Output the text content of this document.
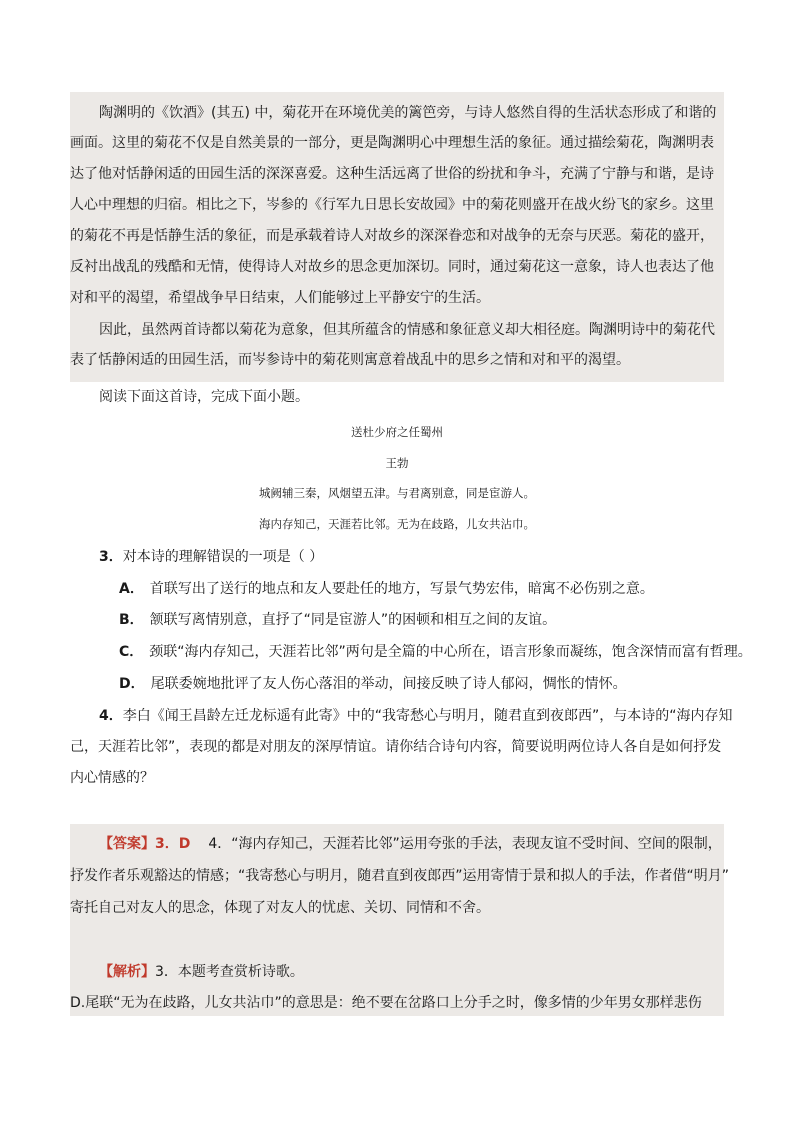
陶渊明的《饮酒》(其五) 中，菊花开在环境优美的篱笆旁，与诗人悠然自得的生活状态形成了和谐的
画面。这里的菊花不仅是自然美景的一部分，更是陶渊明心中理想生活的象征。通过描绘菊花，陶渊明表
达了他对恬静闲适的田园生活的深深喜爱。这种生活远离了世俗的纷扰和争斗，充满了宁静与和谐，是诗
人心中理想的归宿。相比之下，岑参的《行军九日思长安故园》中的菊花则盛开在战火纷飞的家乡。这里
的菊花不再是恬静生活的象征，而是承载着诗人对故乡的深深眷恋和对战争的无奈与厌恶。菊花的盛开，
反衬出战乱的残酷和无情，使得诗人对故乡的思念更加深切。同时，通过菊花这一意象，诗人也表达了他
对和平的渴望，希望战争早日结束，人们能够过上平静安宁的生活。
因此，虽然两首诗都以菊花为意象，但其所蕴含的情感和象征意义却大相径庭。陶渊明诗中的菊花代
表了恬静闲适的田园生活，而岑参诗中的菊花则寓意着战乱中的思乡之情和对和平的渴望。
阅读下面这首诗，完成下面小题。
送杜少府之任蜀州
王勃
城阙辅三秦，风烟望五津。与君离别意，同是宦游人。
海内存知己，天涯若比邻。无为在歧路，儿女共沾巾。
3．对本诗的理解错误的一项是（ ）
A． 首联写出了送行的地点和友人要赴任的地方，写景气势宏伟，暗寓不必伤别之意。
B． 颔联写离情别意，直抒了“同是宦游人”的困顿和相互之间的友谊。
C． 颈联“海内存知己，天涯若比邻”两句是全篇的中心所在，语言形象而凝练，饱含深情而富有哲理。
D． 尾联委婉地批评了友人伤心落泪的举动，间接反映了诗人郁闷，惆怅的情怀。
4．李白《闻王昌龄左迁龙标遥有此寄》中的“我寄愁心与明月，随君直到夜郎西”，与本诗的“海内存知
己，天涯若比邻”，表现的都是对朋友的深厚情谊。请你结合诗句内容，简要说明两位诗人各自是如何抒发
内心情感的？
【答案】3．D 4．“海内存知己，天涯若比邻”运用夸张的手法，表现友谊不受时间、空间的限制，
抒发作者乐观豁达的情感；“我寄愁心与明月，随君直到夜郎西”运用寄情于景和拟人的手法，作者借“明月”
寄托自己对友人的思念，体现了对友人的忧虑、关切、同情和不舍。
【解析】3．本题考查赏析诗歌。
D.尾联“无为在歧路，儿女共沾巾”的意思是：绝不要在岔路口上分手之时，像多情的少年男女那样悲伤
